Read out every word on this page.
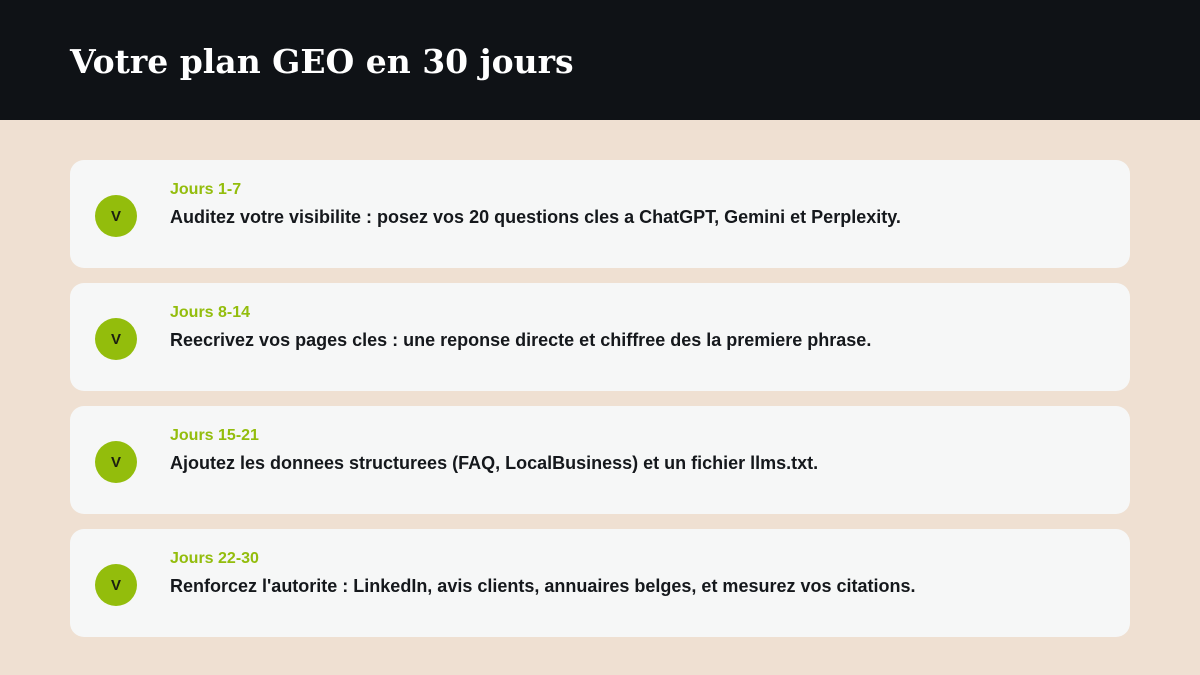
Votre plan GEO en 30 jours
V
Jours 1-7
Auditez votre visibilite : posez vos 20 questions cles a ChatGPT, Gemini et Perplexity.
V
Jours 8-14
Reecrivez vos pages cles : une reponse directe et chiffree des la premiere phrase.
V
Jours 15-21
Ajoutez les donnees structurees (FAQ, LocalBusiness) et un fichier llms.txt.
V
Jours 22-30
Renforcez l'autorite : LinkedIn, avis clients, annuaires belges, et mesurez vos citations.
